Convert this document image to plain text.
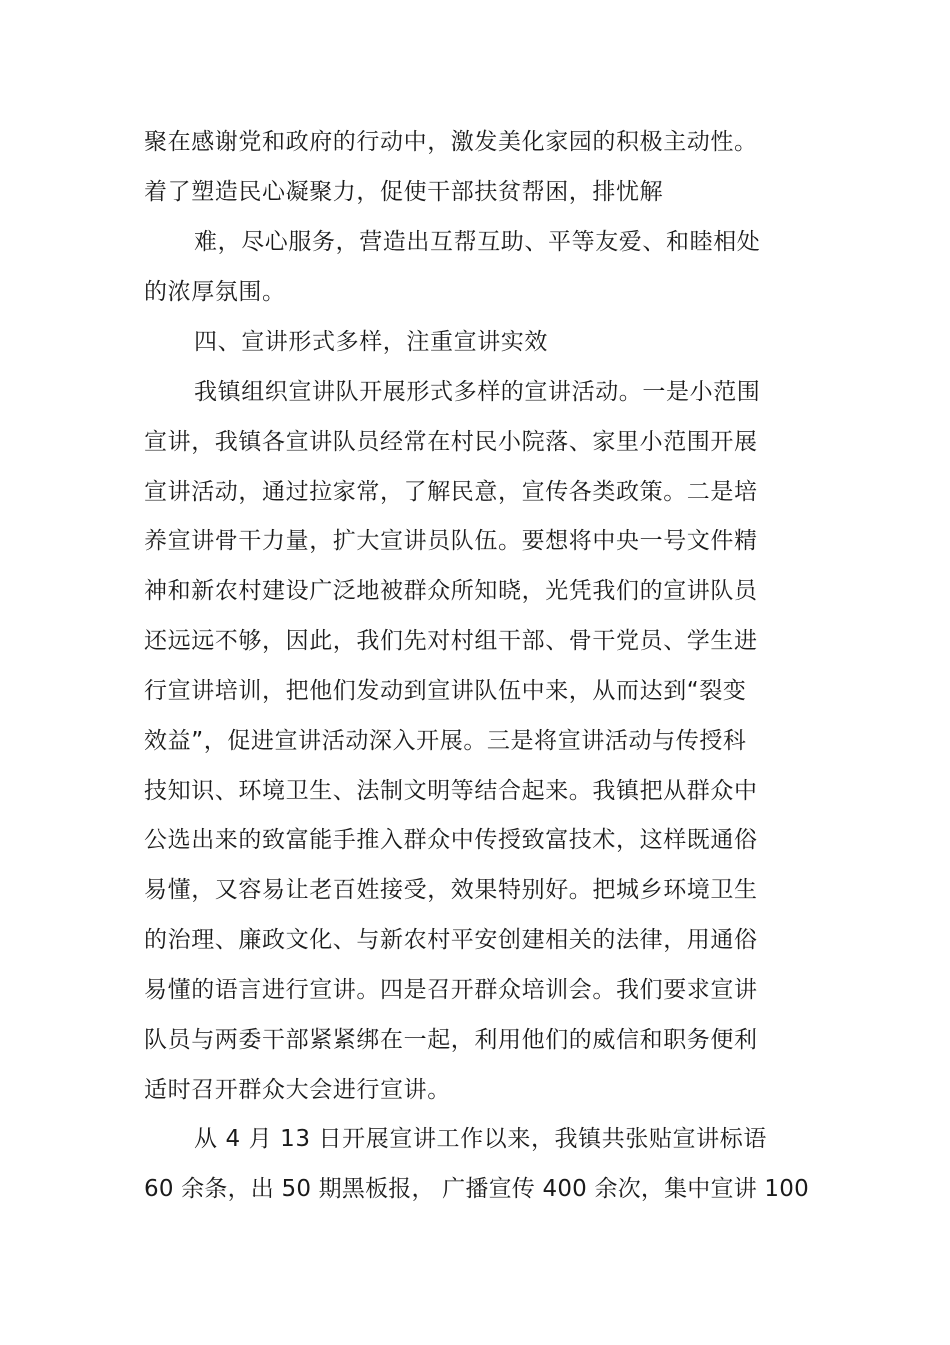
聚在感谢党和政府的行动中，激发美化家园的积极主动性。
着了塑造民心凝聚力，促使干部扶贫帮困，排忧解
难，尽心服务，营造出互帮互助、平等友爱、和睦相处
的浓厚氛围。
四、宣讲形式多样，注重宣讲实效
我镇组织宣讲队开展形式多样的宣讲活动。一是小范围
宣讲，我镇各宣讲队员经常在村民小院落、家里小范围开展
宣讲活动，通过拉家常，了解民意，宣传各类政策。二是培
养宣讲骨干力量，扩大宣讲员队伍。要想将中央一号文件精
神和新农村建设广泛地被群众所知晓，光凭我们的宣讲队员
还远远不够，因此，我们先对村组干部、骨干党员、学生进
行宣讲培训，把他们发动到宣讲队伍中来，从而达到“裂变
效益”，促进宣讲活动深入开展。三是将宣讲活动与传授科
技知识、环境卫生、法制文明等结合起来。我镇把从群众中
公选出来的致富能手推入群众中传授致富技术，这样既通俗
易懂，又容易让老百姓接受，效果特别好。把城乡环境卫生
的治理、廉政文化、与新农村平安创建相关的法律，用通俗
易懂的语言进行宣讲。四是召开群众培训会。我们要求宣讲
队员与两委干部紧紧绑在一起，利用他们的威信和职务便利
适时召开群众大会进行宣讲。
从 4 月 13 日开展宣讲工作以来，我镇共张贴宣讲标语
60 余条，出 50 期黑板报， 广播宣传 400 余次，集中宣讲 100
